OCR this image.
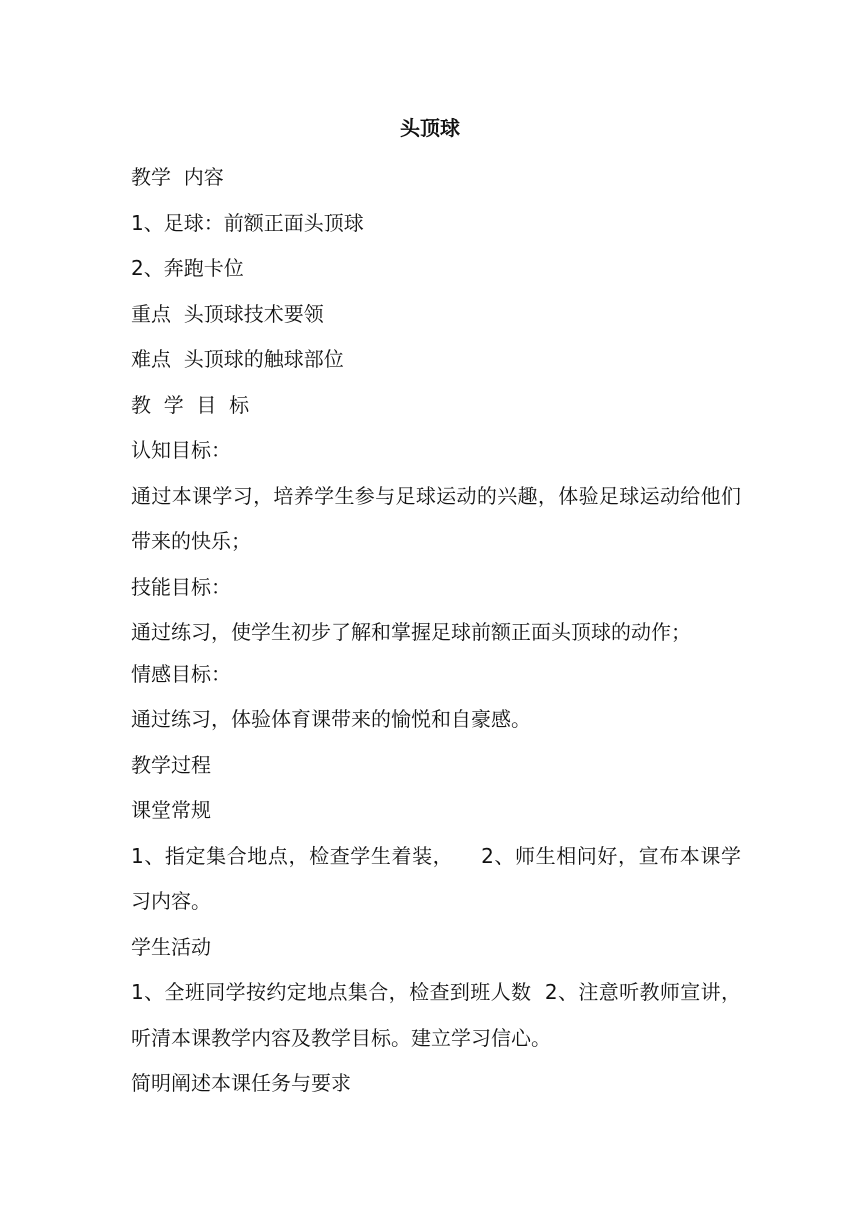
头顶球

教学  内容

1、足球：前额正面头顶球

2、奔跑卡位

重点  头顶球技术要领

难点  头顶球的触球部位

教  学  目  标

认知目标：

通过本课学习，培养学生参与足球运动的兴趣，体验足球运动给他们带来的快乐；

技能目标：

通过练习，使学生初步了解和掌握足球前额正面头顶球的动作；

情感目标：

通过练习，体验体育课带来的愉悦和自豪感。

教学过程

课堂常规

1、指定集合地点，检查学生着装，    2、师生相问好，宣布本课学习内容。

学生活动

1、全班同学按约定地点集合，检查到班人数  2、注意听教师宣讲，听清本课教学内容及教学目标。建立学习信心。

简明阐述本课任务与要求
